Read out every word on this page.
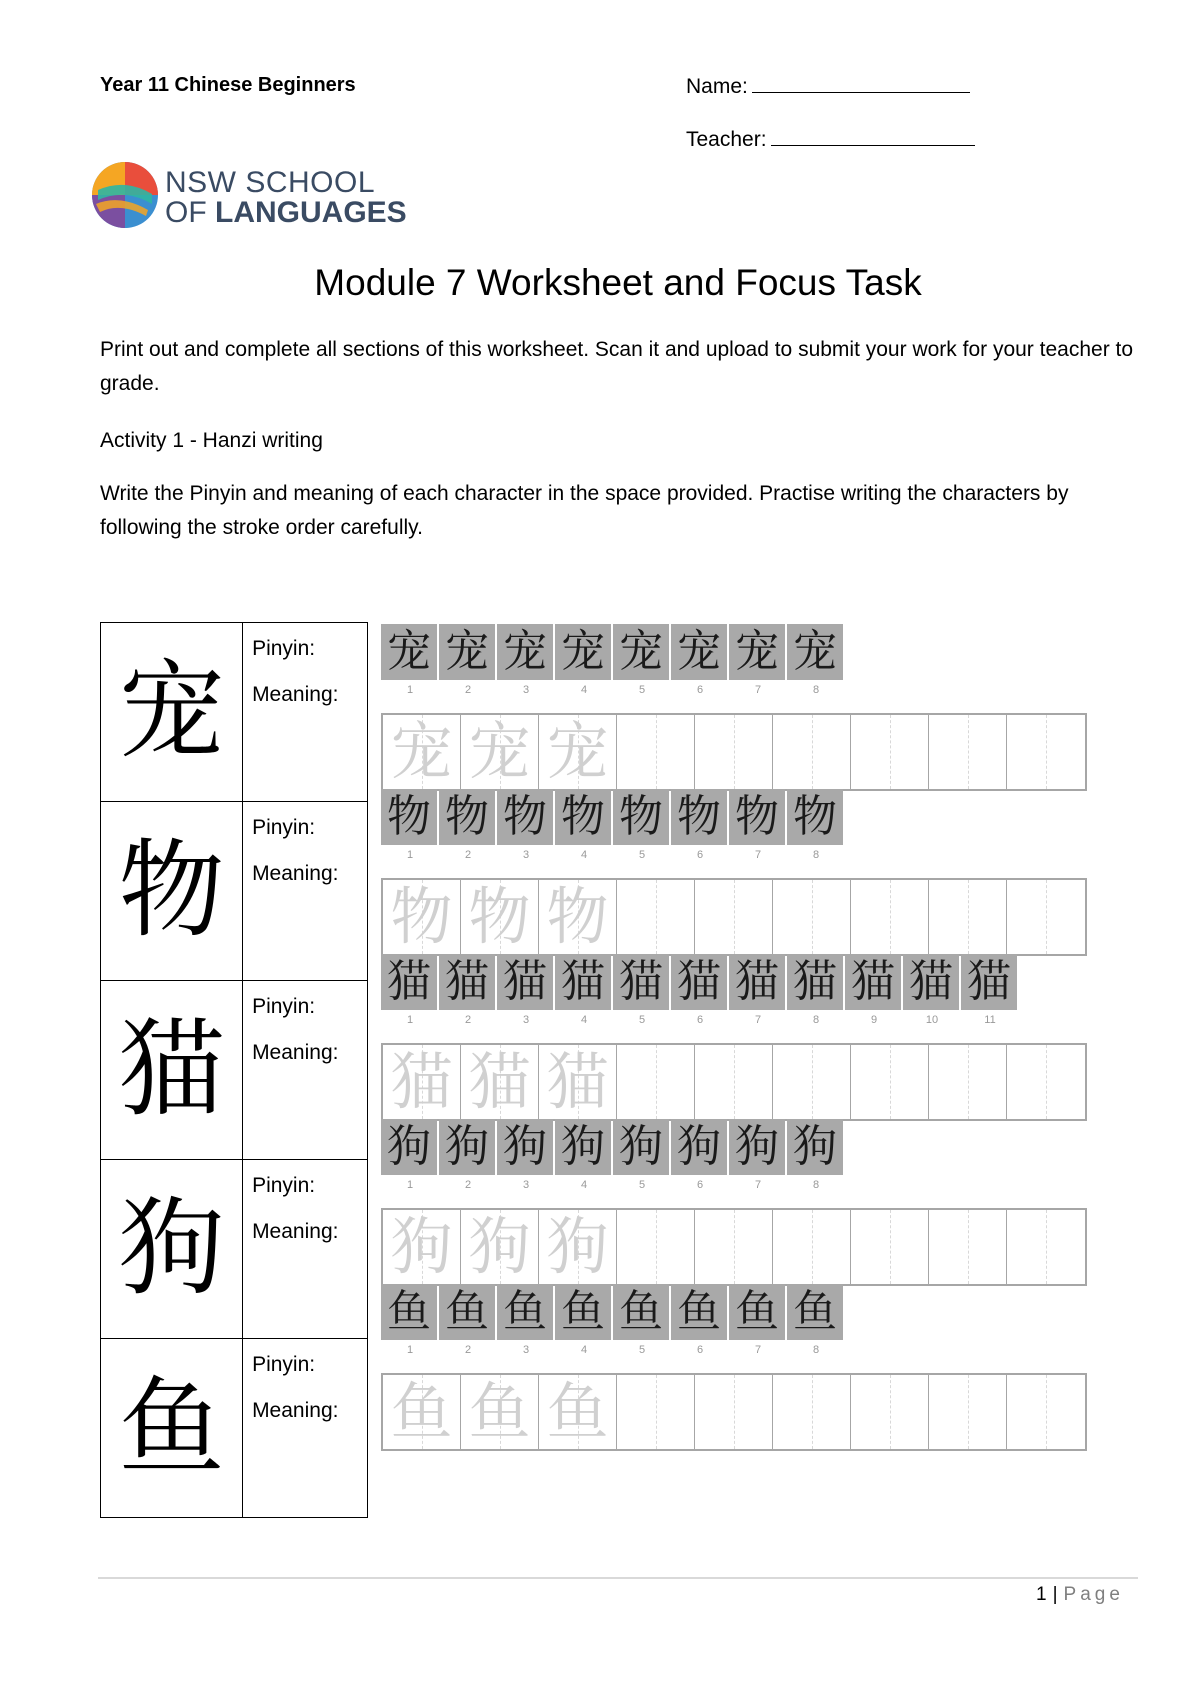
Year 11 Chinese Beginners	Name:
Teacher:
NSW SCHOOL
OF LANGUAGES
Module 7 Worksheet and Focus Task
Print out and complete all sections of this worksheet. Scan it and upload to submit your work for your teacher to grade.
Activity 1 - Hanzi writing
Write the Pinyin and meaning of each character in the space provided. Practise writing the characters by following the stroke order carefully.
宠	Pinyin:
Meaning:

物	Pinyin:
Meaning:

猫	Pinyin:
Meaning:

狗	Pinyin:
Meaning:

鱼	Pinyin:
Meaning:
宠 宠 宠 宠 宠 宠 宠 宠
1	2	3	4	5	6	7	8
宠 宠 宠
物 物 物 物 物 物 物 物
1	2	3	4	5	6	7	8
物 物 物
猫 猫 猫 猫 猫 猫 猫 猫 猫 猫 猫
1	2	3	4	5	6	7	8	9	10	11
猫 猫 猫
狗 狗 狗 狗 狗 狗 狗 狗
1	2	3	4	5	6	7	8
狗 狗 狗
鱼 鱼 鱼 鱼 鱼 鱼 鱼 鱼
1	2	3	4	5	6	7	8
鱼 鱼 鱼
1 | Page
